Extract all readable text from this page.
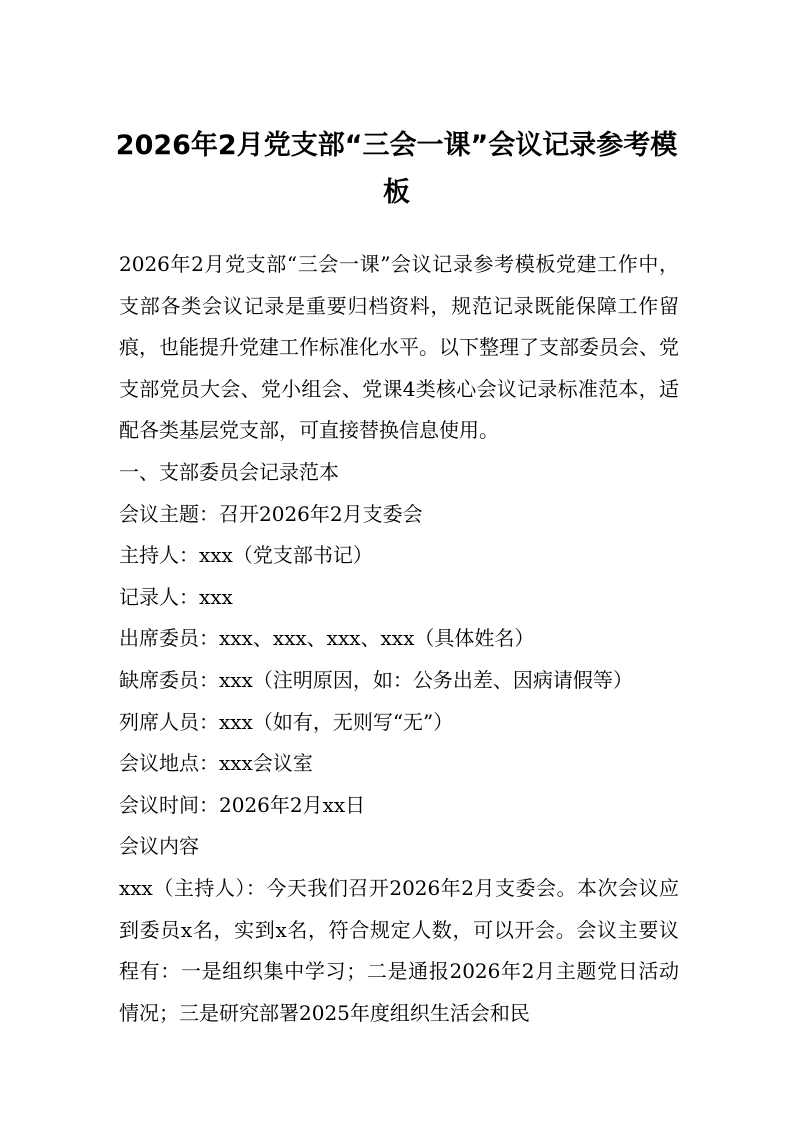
2026年2月党支部“三会一课”会议记录参考模板

2026年2月党支部“三会一课”会议记录参考模板党建工作中，支部各类会议记录是重要归档资料，规范记录既能保障工作留痕，也能提升党建工作标准化水平。以下整理了支部委员会、党支部党员大会、党小组会、党课4类核心会议记录标准范本，适配各类基层党支部，可直接替换信息使用。

一、支部委员会记录范本

会议主题：召开2026年2月支委会

主持人：xxx（党支部书记）

记录人：xxx

出席委员：xxx、xxx、xxx、xxx（具体姓名）

缺席委员：xxx（注明原因，如：公务出差、因病请假等）

列席人员：xxx（如有，无则写“无”）

会议地点：xxx会议室

会议时间：2026年2月xx日

会议内容

xxx（主持人）：今天我们召开2026年2月支委会。本次会议应到委员x名，实到x名，符合规定人数，可以开会。会议主要议程有：一是组织集中学习；二是通报2026年2月主题党日活动情况；三是研究部署2025年度组织生活会和民
